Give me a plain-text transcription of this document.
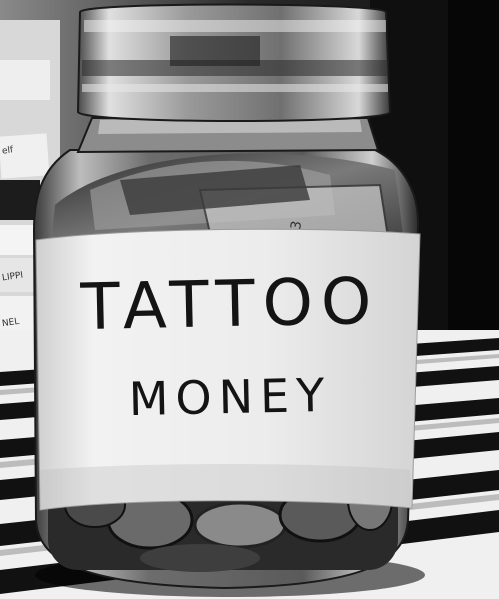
TATTOO
MONEY
elf
LIPPI
NEL
